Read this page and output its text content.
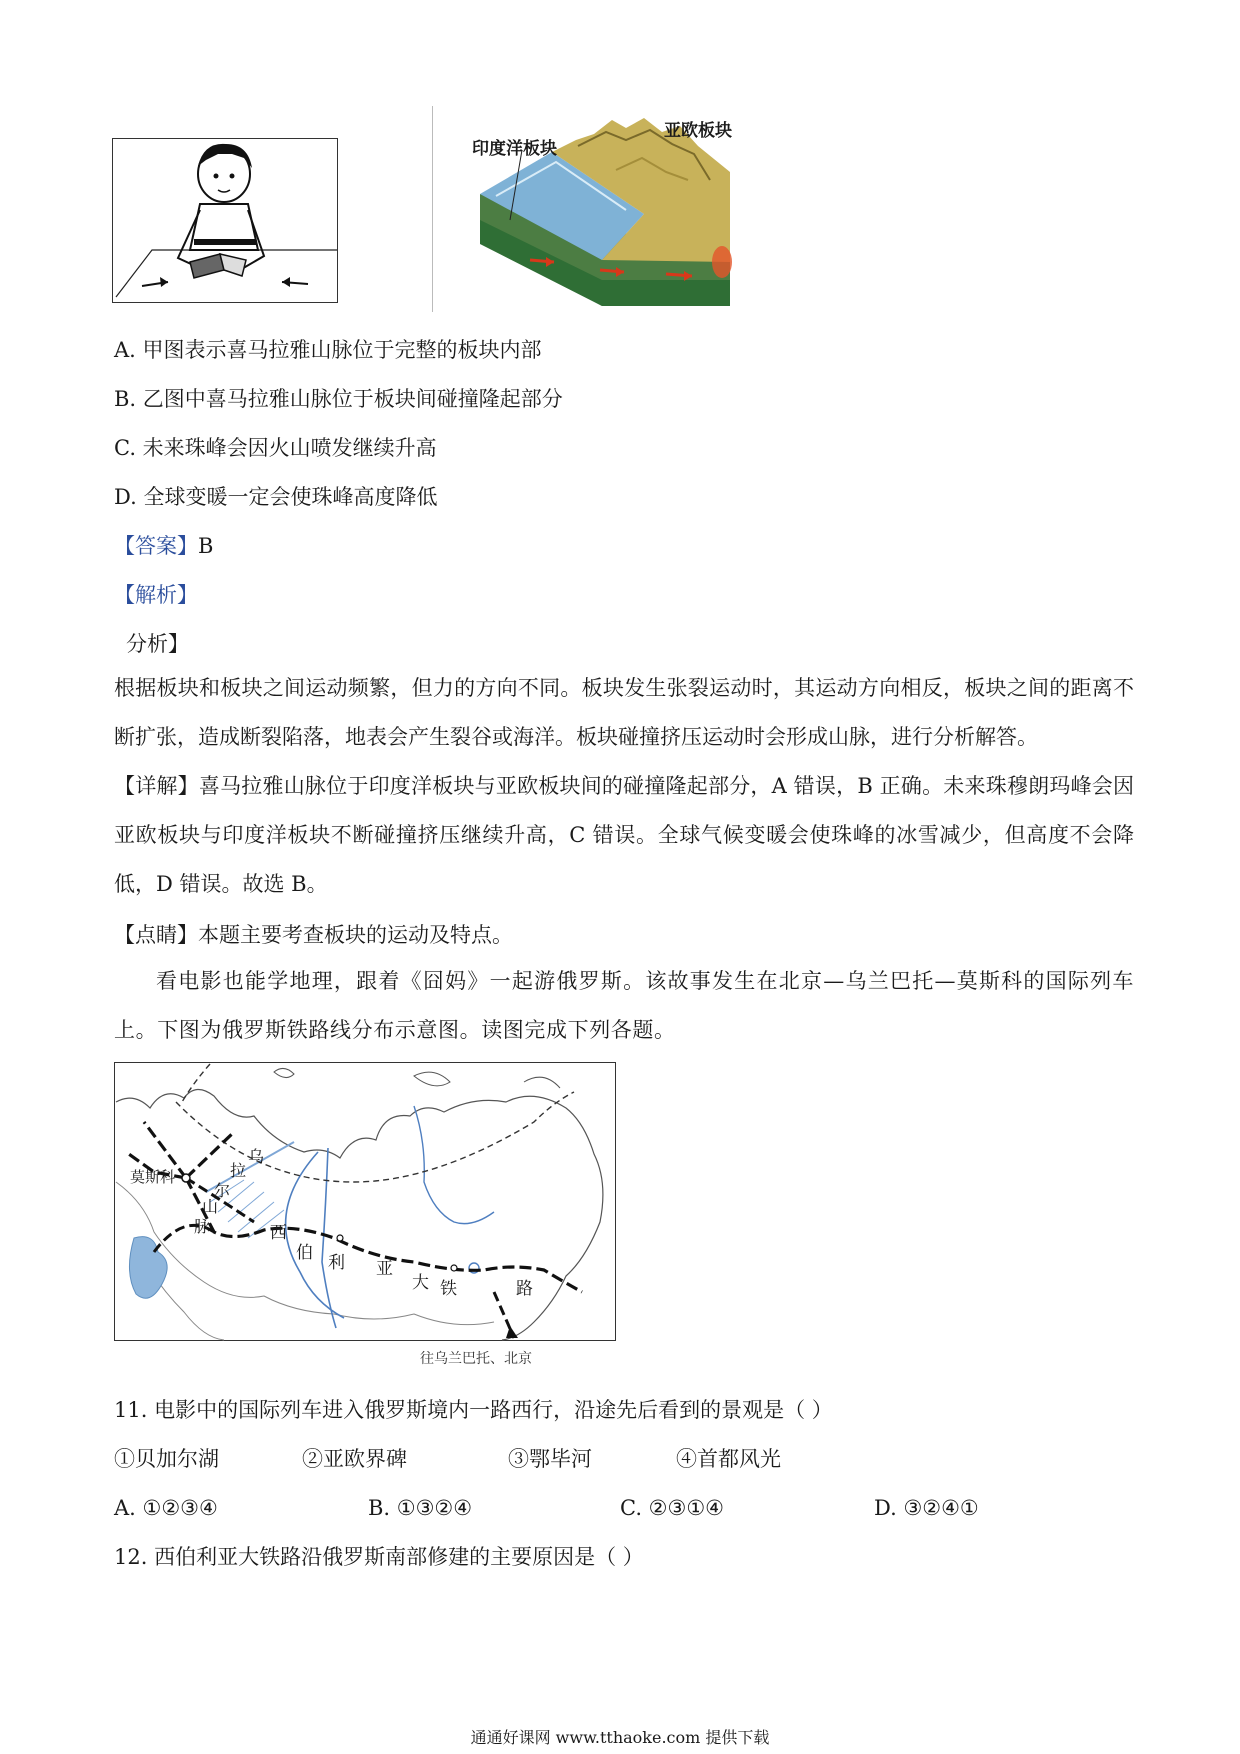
印度洋板块
亚欧板块
A. 甲图表示喜马拉雅山脉位于完整的板块内部
B. 乙图中喜马拉雅山脉位于板块间碰撞隆起部分
C. 未来珠峰会因火山喷发继续升高
D. 全球变暖一定会使珠峰高度降低
【答案】B
【解析】
分析】
根据板块和板块之间运动频繁，但力的方向不同。板块发生张裂运动时，其运动方向相反，板块之间的距离不断扩张，造成断裂陷落，地表会产生裂谷或海洋。板块碰撞挤压运动时会形成山脉，进行分析解答。
【详解】喜马拉雅山脉位于印度洋板块与亚欧板块间的碰撞隆起部分，A 错误，B 正确。未来珠穆朗玛峰会因亚欧板块与印度洋板块不断碰撞挤压继续升高，C 错误。全球气候变暖会使珠峰的冰雪减少，但高度不会降低，D 错误。故选 B。
【点睛】本题主要考查板块的运动及特点。
看电影也能学地理，跟着《囧妈》一起游俄罗斯。该故事发生在北京—乌兰巴托—莫斯科的国际列车上。下图为俄罗斯铁路线分布示意图。读图完成下列各题。
莫斯科
乌
拉
尔
山
脉	西
伯 利 亚
大 铁	路
往乌兰巴托、北京
11. 电影中的国际列车进入俄罗斯境内一路西行，沿途先后看到的景观是（ ）
①贝加尔湖	②亚欧界碑	③鄂毕河	④首都风光
A. ①②③④	B. ①③②④	C. ②③①④	D. ③②④①
12. 西伯利亚大铁路沿俄罗斯南部修建的主要原因是（ ）
通通好课网 www.tthaoke.com 提供下载
